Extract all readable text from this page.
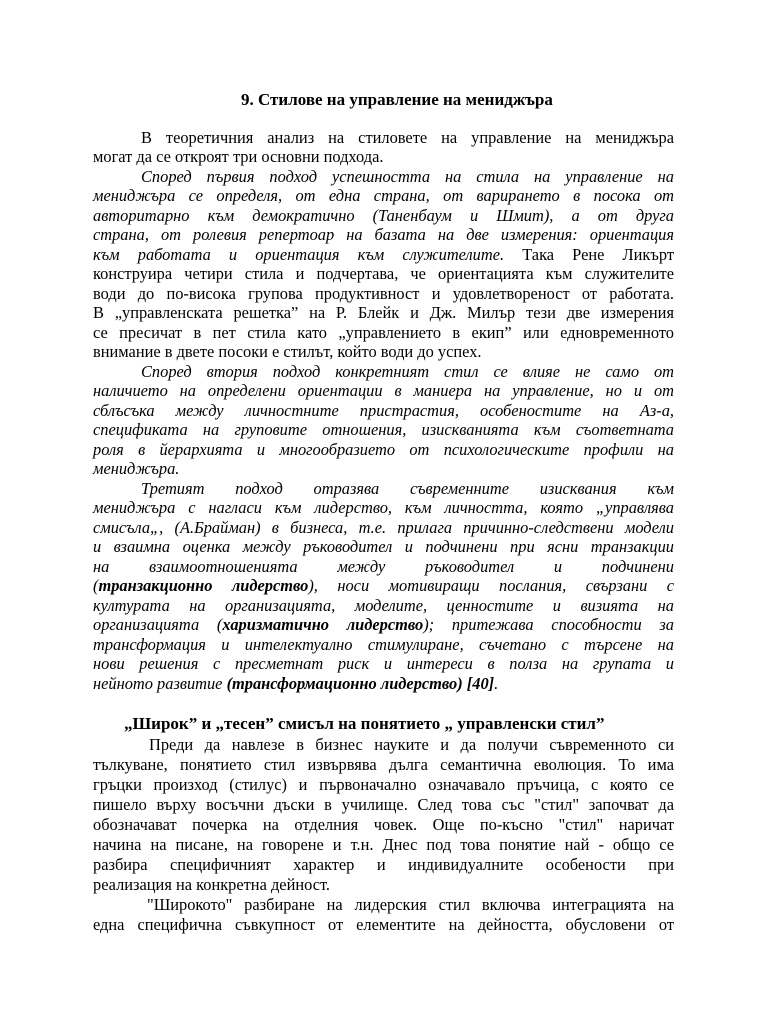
9. Стилове на управление на мениджъра
В теоретичния анализ на стиловете на управление на мениджъра
могат да се откроят три основни подхода.
Според първия подход успешността на стила на управление на
мениджъра се определя, от една страна, от варирането в посока от
авторитарно към демократично (Таненбаум и Шмит), а от друга
страна, от ролевия репертоар на базата на две измерения: ориентация
към работата и ориентация към служителите. Така Рене Ликърт
конструира четири стила и подчертава, че ориентацията към служителите
води до по-висока групова продуктивност и удовлетвореност от работата.
В „управленската решетка” на Р. Блейк и Дж. Милър тези две измерения
се пресичат в пет стила като „управлението в екип” или едновременното
внимание в двете посоки е стилът, който води до успех.
Според втория подход конкретният стил се влияе не само от
наличието на определени ориентации в маниера на управление, но и от
сблъсъка между личностните пристрастия, особеностите на Аз-а,
спецификата на груповите отношения, изискванията към съответната
роля в йерархията и многообразието от психологическите профили на
мениджъра.
Третият подход отразява съвременните изисквания към
мениджъра с нагласи към лидерство, към личността, която „управлява
смисъла„, (А.Брайман) в бизнеса, т.е. прилага причинно-следствени модели
и взаимна оценка между ръководител и подчинени при ясни транзакции
на взаимоотношенията между ръководител и подчинени
(транзакционно лидерство), носи мотивиращи послания, свързани с
културата на организацията, моделите, ценностите и визията на
организацията (харизматично лидерство); притежава способности за
трансформация и интелектуално стимулиране, съчетано с търсене на
нови решения с пресметнат риск и интереси в полза на групата и
нейното развитие (трансформационно лидерство) [40].
„Широк” и „тесен” смисъл на понятието „ управленски стил”
Преди да навлезе в бизнес науките и да получи съвременното си
тълкуване, понятието стил извървява дълга семантична еволюция. То има
гръцки произход (стилус) и първоначално означавало пръчица, с която се
пишело върху восъчни дъски в училище. След това със "стил" започват да
обозначават почерка на отделния човек. Още по-късно "стил" наричат
начина на писане, на говорене и т.н. Днес под това понятие най - общо се
разбира специфичният характер и индивидуалните особености при
реализация на конкретна дейност.
"Широкото" разбиране на лидерския стил включва интеграцията на
една специфична съвкупност от елементите на дейността, обусловени от
